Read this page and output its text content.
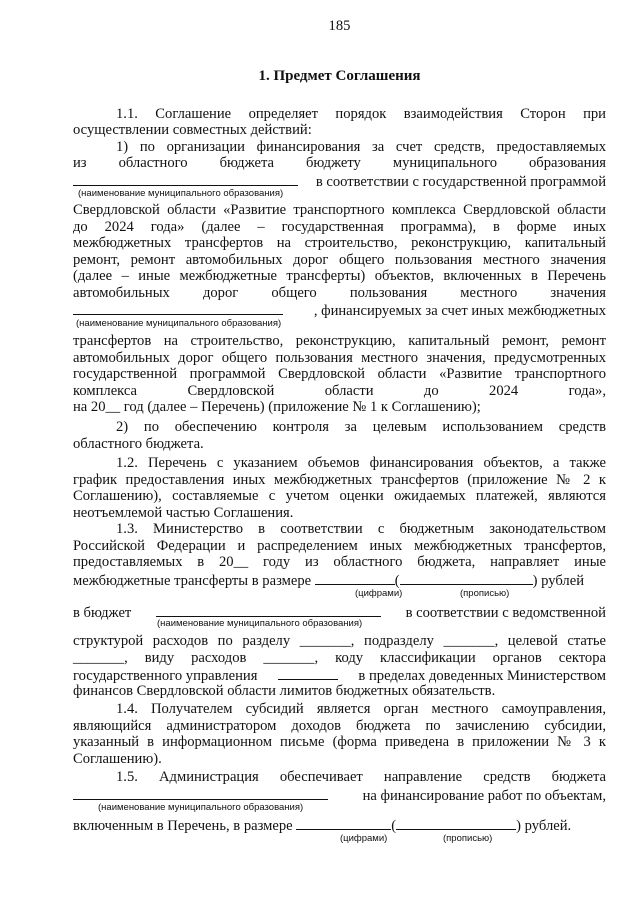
185
1. Предмет Соглашения
1.1. Соглашение определяет порядок взаимодействия Сторон при
осуществлении совместных действий:
1) по организации финансирования за счет средств, предоставляемых
из областного бюджета бюджету муниципального образования
в соответствии с государственной программой
(наименование муниципального образования)
Свердловской области «Развитие транспортного комплекса Свердловской области
до 2024 года» (далее – государственная программа), в форме иных
межбюджетных трансфертов на строительство, реконструкцию, капитальный
ремонт, ремонт автомобильных дорог общего пользования местного значения
(далее – иные межбюджетные трансферты) объектов, включенных в Перечень
автомобильных дорог общего пользования местного значения
, финансируемых за счет иных межбюджетных
(наименование муниципального образования)
трансфертов на строительство, реконструкцию, капитальный ремонт, ремонт
автомобильных дорог общего пользования местного значения, предусмотренных
государственной программой Свердловской области «Развитие транспортного
комплекса Свердловской области до 2024 года»,
на 20__ год (далее – Перечень) (приложение № 1 к Соглашению);
2) по обеспечению контроля за целевым использованием средств
областного бюджета.
1.2. Перечень с указанием объемов финансирования объектов, а также
график предоставления иных межбюджетных трансфертов (приложение № 2 к
Соглашению), составляемые с учетом оценки ожидаемых платежей, являются
неотъемлемой частью Соглашения.
1.3. Министерство в соответствии с бюджетным законодательством
Российской Федерации и распределением иных межбюджетных трансфертов,
предоставляемых в 20__ году из областного бюджета, направляет иные
межбюджетные трансферты в размере	(	) рублей
(цифрами)	(прописью)
в бюджет	в соответствии с ведомственной
(наименование муниципального образования)
структурой расходов по разделу _______, подразделу _______, целевой статье
_______, виду расходов _______, коду классификации органов сектора
государственного управления	в пределах доведенных Министерством
финансов Свердловской области лимитов бюджетных обязательств.
1.4. Получателем субсидий является орган местного самоуправления,
являющийся администратором доходов бюджета по зачислению субсидии,
указанный в информационном письме (форма приведена в приложении № 3 к
Соглашению).
1.5. Администрация обеспечивает направление средств бюджета
на финансирование работ по объектам,
(наименование муниципального образования)
включенным в Перечень, в размере	(	) рублей.
(цифрами)	(прописью)
